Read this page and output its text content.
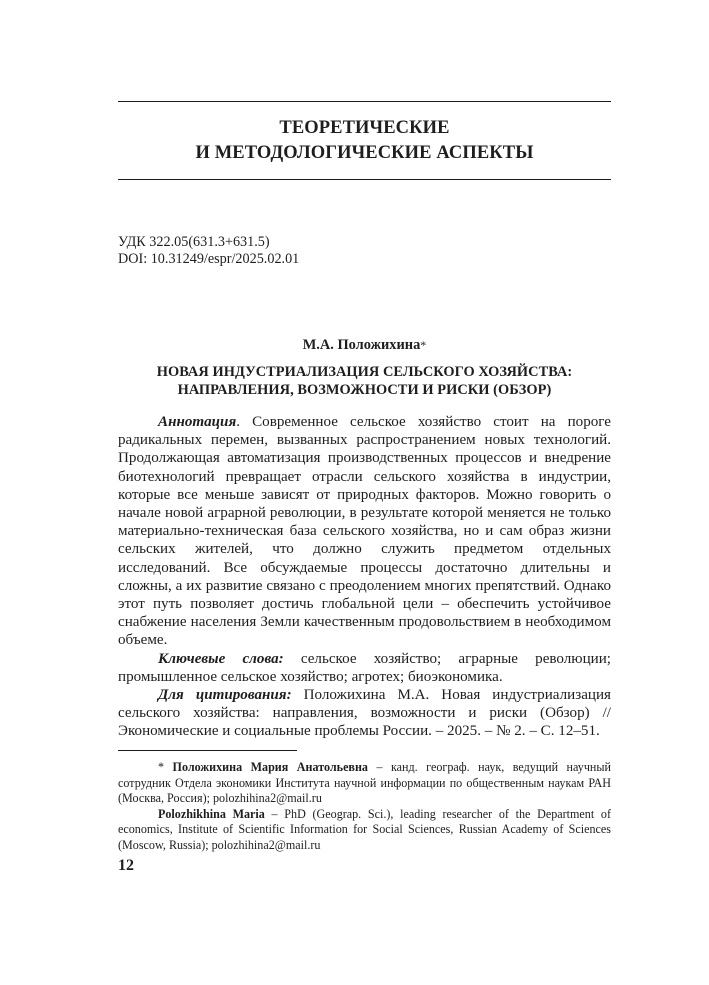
ТЕОРЕТИЧЕСКИЕ
И МЕТОДОЛОГИЧЕСКИЕ АСПЕКТЫ
УДК 322.05(631.3+631.5)
DOI: 10.31249/espr/2025.02.01
М.А. Положихина*
НОВАЯ ИНДУСТРИАЛИЗАЦИЯ СЕЛЬСКОГО ХОЗЯЙСТВА:
НАПРАВЛЕНИЯ, ВОЗМОЖНОСТИ И РИСКИ (ОБЗОР)

Аннотация. Современное сельское хозяйство стоит на пороге радикальных перемен, вызванных распространением новых технологий. Продолжающая автоматизация производственных процессов и внедрение биотехнологий превращает отрасли сельского хозяйства в индустрии, которые все меньше зависят от природных факторов. Можно говорить о начале новой аграрной революции, в результате которой меняется не только материально-техническая база сельского хозяйства, но и сам образ жизни сельских жителей, что должно служить предметом отдельных исследований. Все обсуждаемые процессы достаточно длительны и сложны, а их развитие связано с преодолением многих препятствий. Однако этот путь позволяет достичь глобальной цели – обеспечить устойчивое снабжение населения Земли качественным продовольствием в необходимом объеме.

Ключевые слова: сельское хозяйство; аграрные революции; промышленное сельское хозяйство; агротех; биоэкономика.

Для цитирования: Положихина М.А. Новая индустриализация сельского хозяйства: направления, возможности и риски (Обзор) // Экономические и социальные проблемы России. – 2025. – № 2. – С. 12–51.

* Положихина Мария Анатольевна – канд. географ. наук, ведущий научный сотрудник Отдела экономики Института научной информации по общественным наукам РАН (Москва, Россия); polozhihina2@mail.ru

Polozhikhina Maria – PhD (Geograp. Sci.), leading researcher of the Department of economics, Institute of Scientific Information for Social Sciences, Russian Academy of Sciences (Moscow, Russia); polozhihina2@mail.ru

12
